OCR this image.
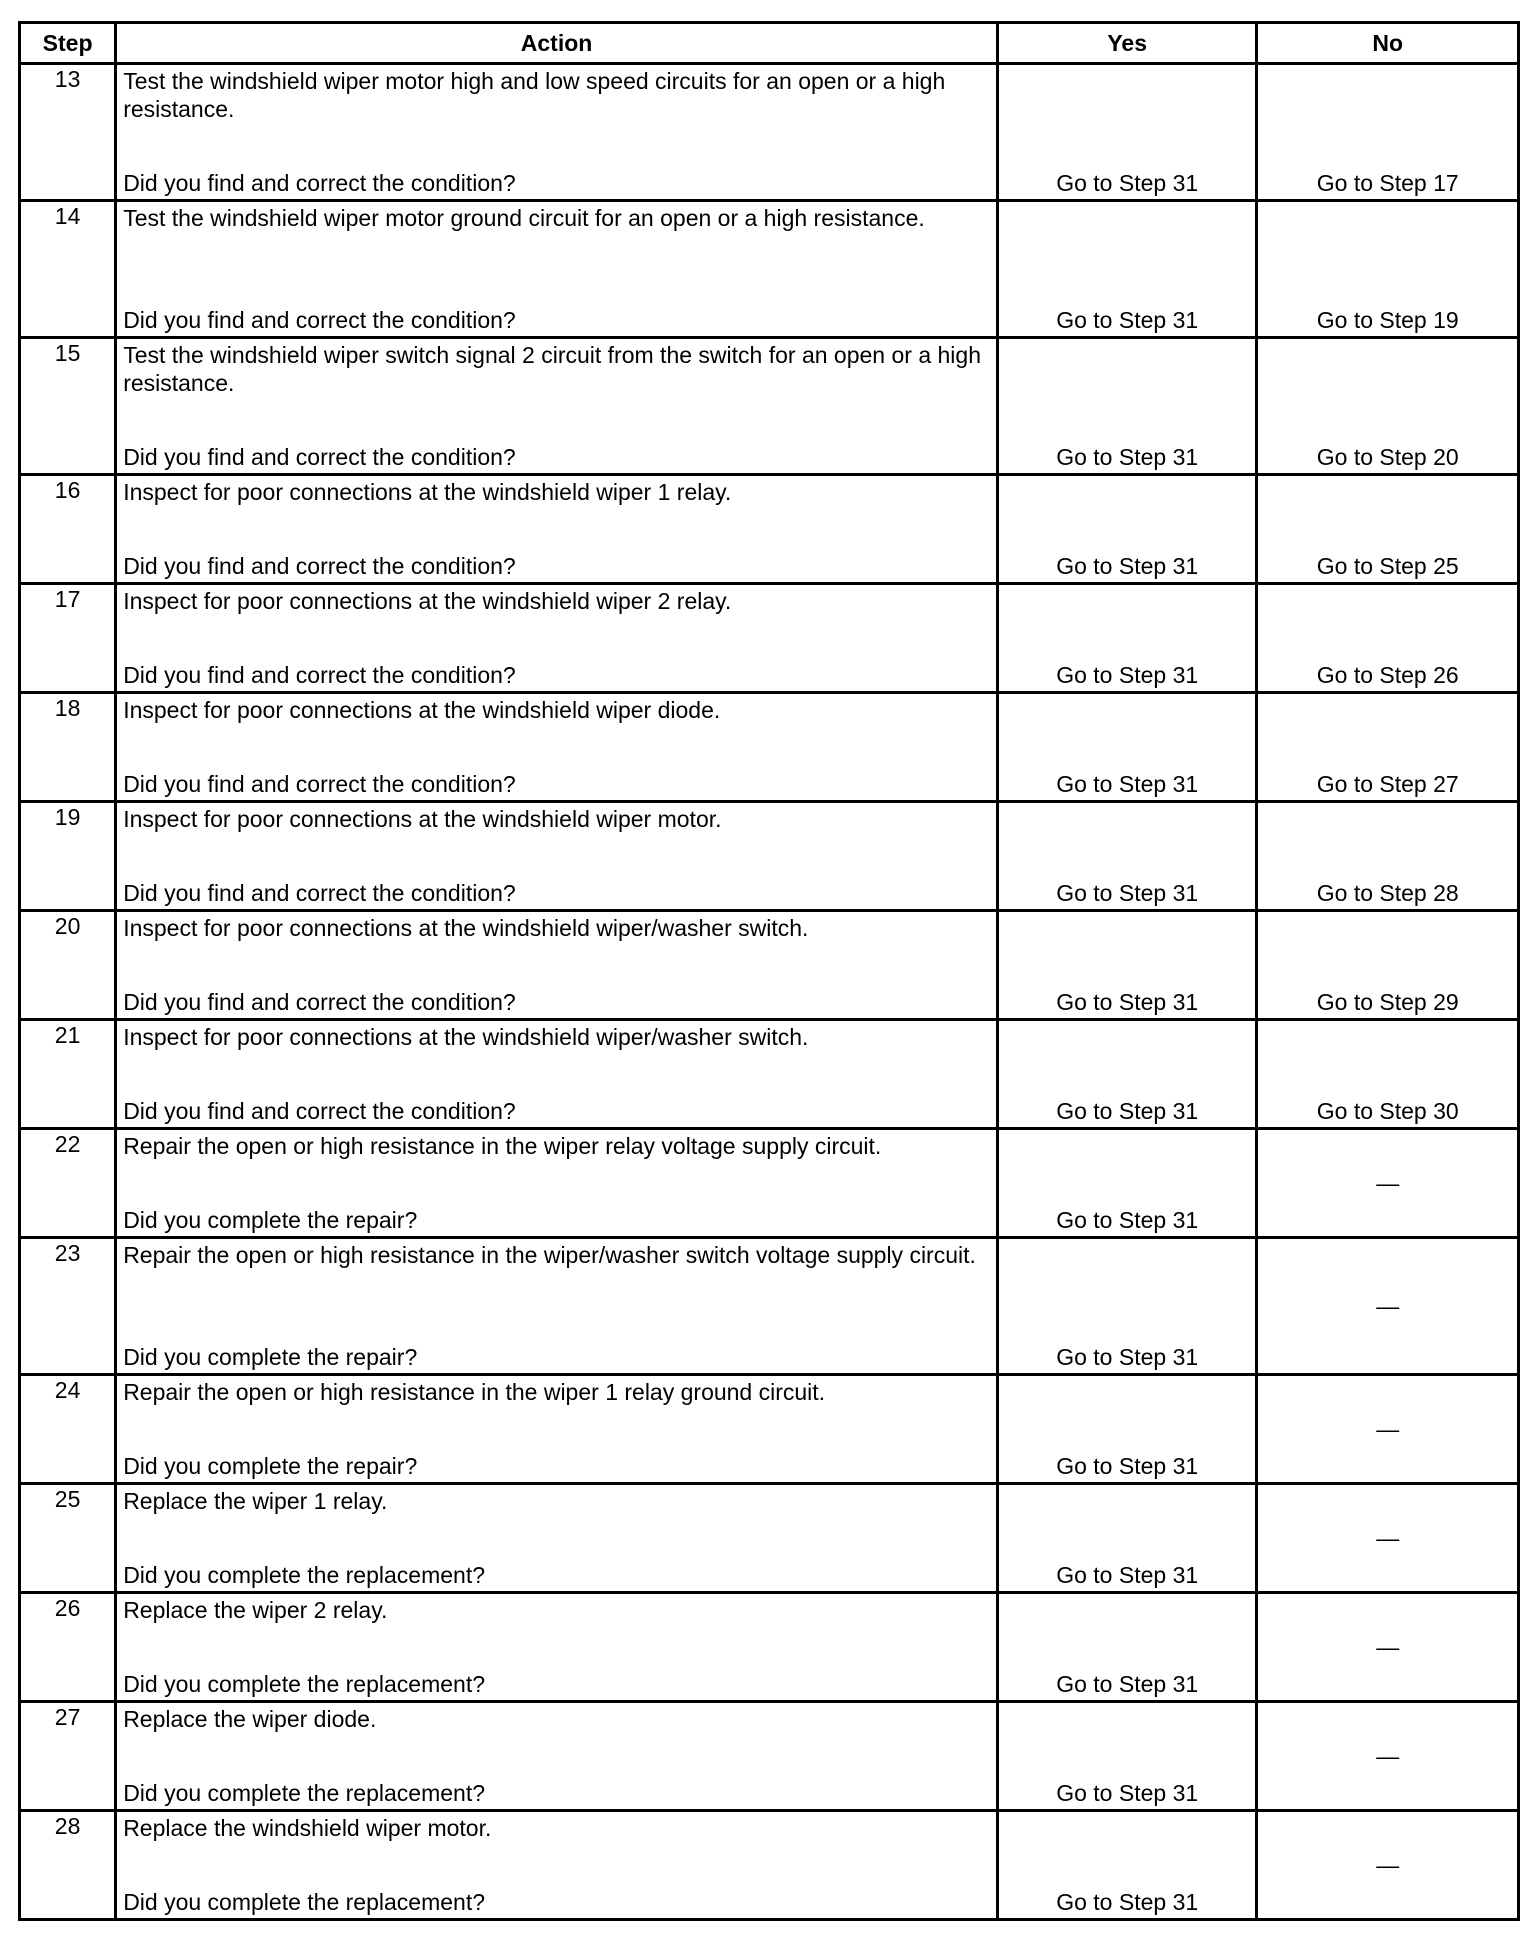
Step	Action	Yes	No
13	Test the windshield wiper motor high and low speed circuits for an open or a high resistance.
Did you find and correct the condition?	Go to Step 31	Go to Step 17

14	Test the windshield wiper motor ground circuit for an open or a high resistance.
Did you find and correct the condition?	Go to Step 31	Go to Step 19

15	Test the windshield wiper switch signal 2 circuit from the switch for an open or a high resistance.
Did you find and correct the condition?	Go to Step 31	Go to Step 20

16	Inspect for poor connections at the windshield wiper 1 relay.
Did you find and correct the condition?	Go to Step 31	Go to Step 25

17	Inspect for poor connections at the windshield wiper 2 relay.
Did you find and correct the condition?	Go to Step 31	Go to Step 26

18	Inspect for poor connections at the windshield wiper diode.
Did you find and correct the condition?	Go to Step 31	Go to Step 27

19	Inspect for poor connections at the windshield wiper motor.
Did you find and correct the condition?	Go to Step 31	Go to Step 28

20	Inspect for poor connections at the windshield wiper/washer switch.
Did you find and correct the condition?	Go to Step 31	Go to Step 29

21	Inspect for poor connections at the windshield wiper/washer switch.
Did you find and correct the condition?	Go to Step 31	Go to Step 30

22	Repair the open or high resistance in the wiper relay voltage supply circuit.
Did you complete the repair?	Go to Step 31	—

23	Repair the open or high resistance in the wiper/washer switch voltage supply circuit.
Did you complete the repair?	Go to Step 31	—

24	Repair the open or high resistance in the wiper 1 relay ground circuit.
Did you complete the repair?	Go to Step 31	—

25	Replace the wiper 1 relay.
Did you complete the replacement?	Go to Step 31	—

26	Replace the wiper 2 relay.
Did you complete the replacement?	Go to Step 31	—

27	Replace the wiper diode.
Did you complete the replacement?	Go to Step 31	—

28	Replace the windshield wiper motor.
Did you complete the replacement?	Go to Step 31	—
